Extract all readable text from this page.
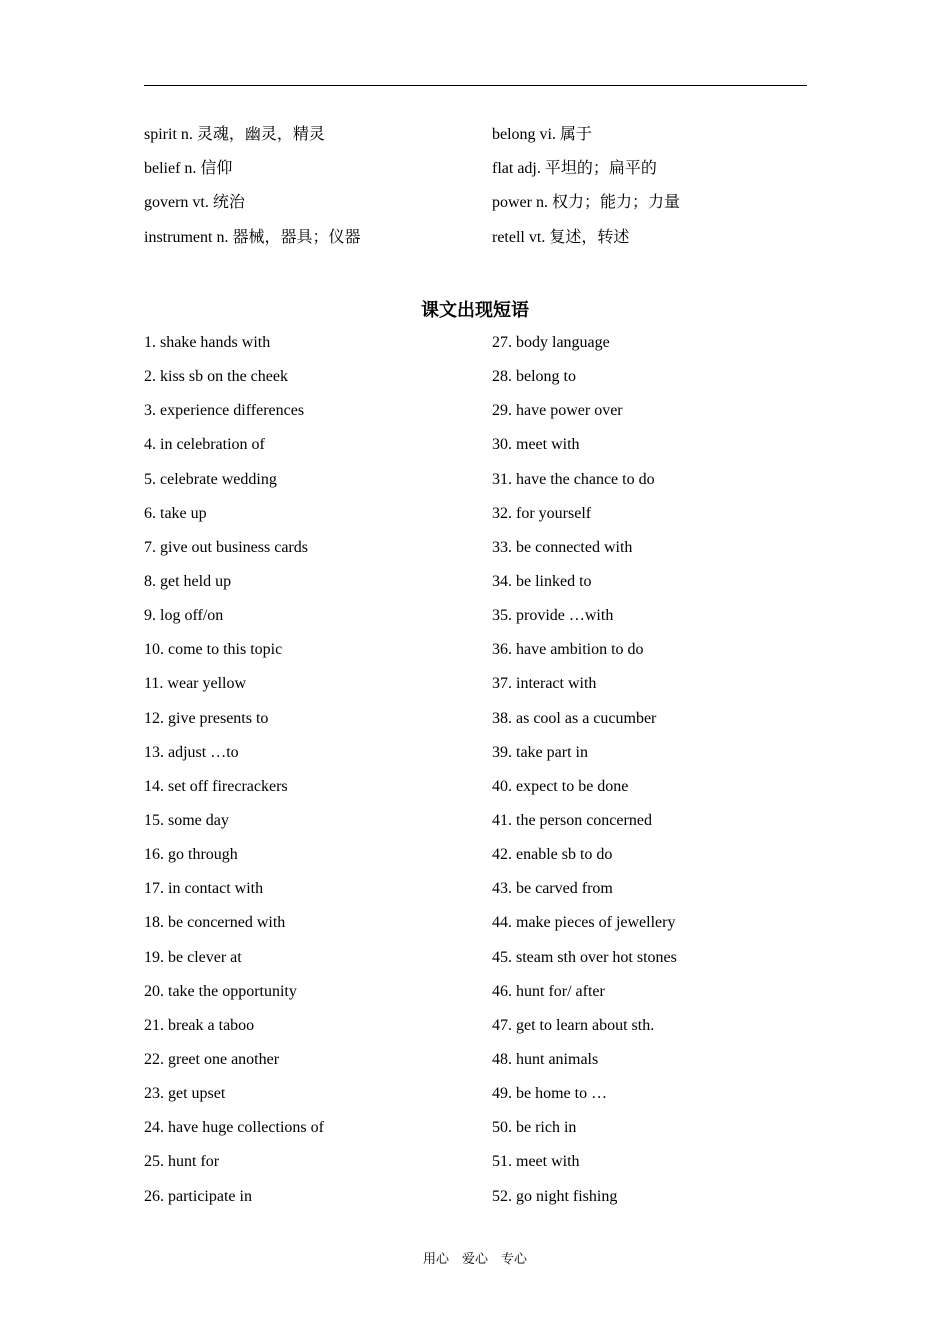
spirit n. 灵魂，幽灵，精灵	belong vi. 属于
belief n. 信仰	flat adj. 平坦的；扁平的
govern vt. 统治	power n. 权力；能力；力量
instrument n. 器械，器具；仪器	retell vt. 复述，转述
课文出现短语
1. shake hands with	27. body language
2. kiss sb on the cheek	28. belong to
3. experience differences	29. have power over
4. in celebration of	30. meet with
5. celebrate wedding	31. have the chance to do
6. take up	32. for yourself
7. give out business cards	33. be connected with
8. get held up	34. be linked to
9. log off/on	35. provide …with
10. come to this topic	36. have ambition to do
11. wear yellow	37. interact with
12. give presents to	38. as cool as a cucumber
13. adjust …to	39. take part in
14. set off firecrackers	40. expect to be done
15. some day	41. the person concerned
16. go through	42. enable sb to do
17. in contact with	43. be carved from
18. be concerned with	44. make pieces of jewellery
19. be clever at	45. steam sth over hot stones
20. take the opportunity	46. hunt for/ after
21. break a taboo	47. get to learn about sth.
22. greet one another	48. hunt animals
23. get upset	49. be home to …
24. have huge collections of	50. be rich in
25. hunt for	51. meet with
26. participate in	52. go night fishing
用心　爱心　专心
